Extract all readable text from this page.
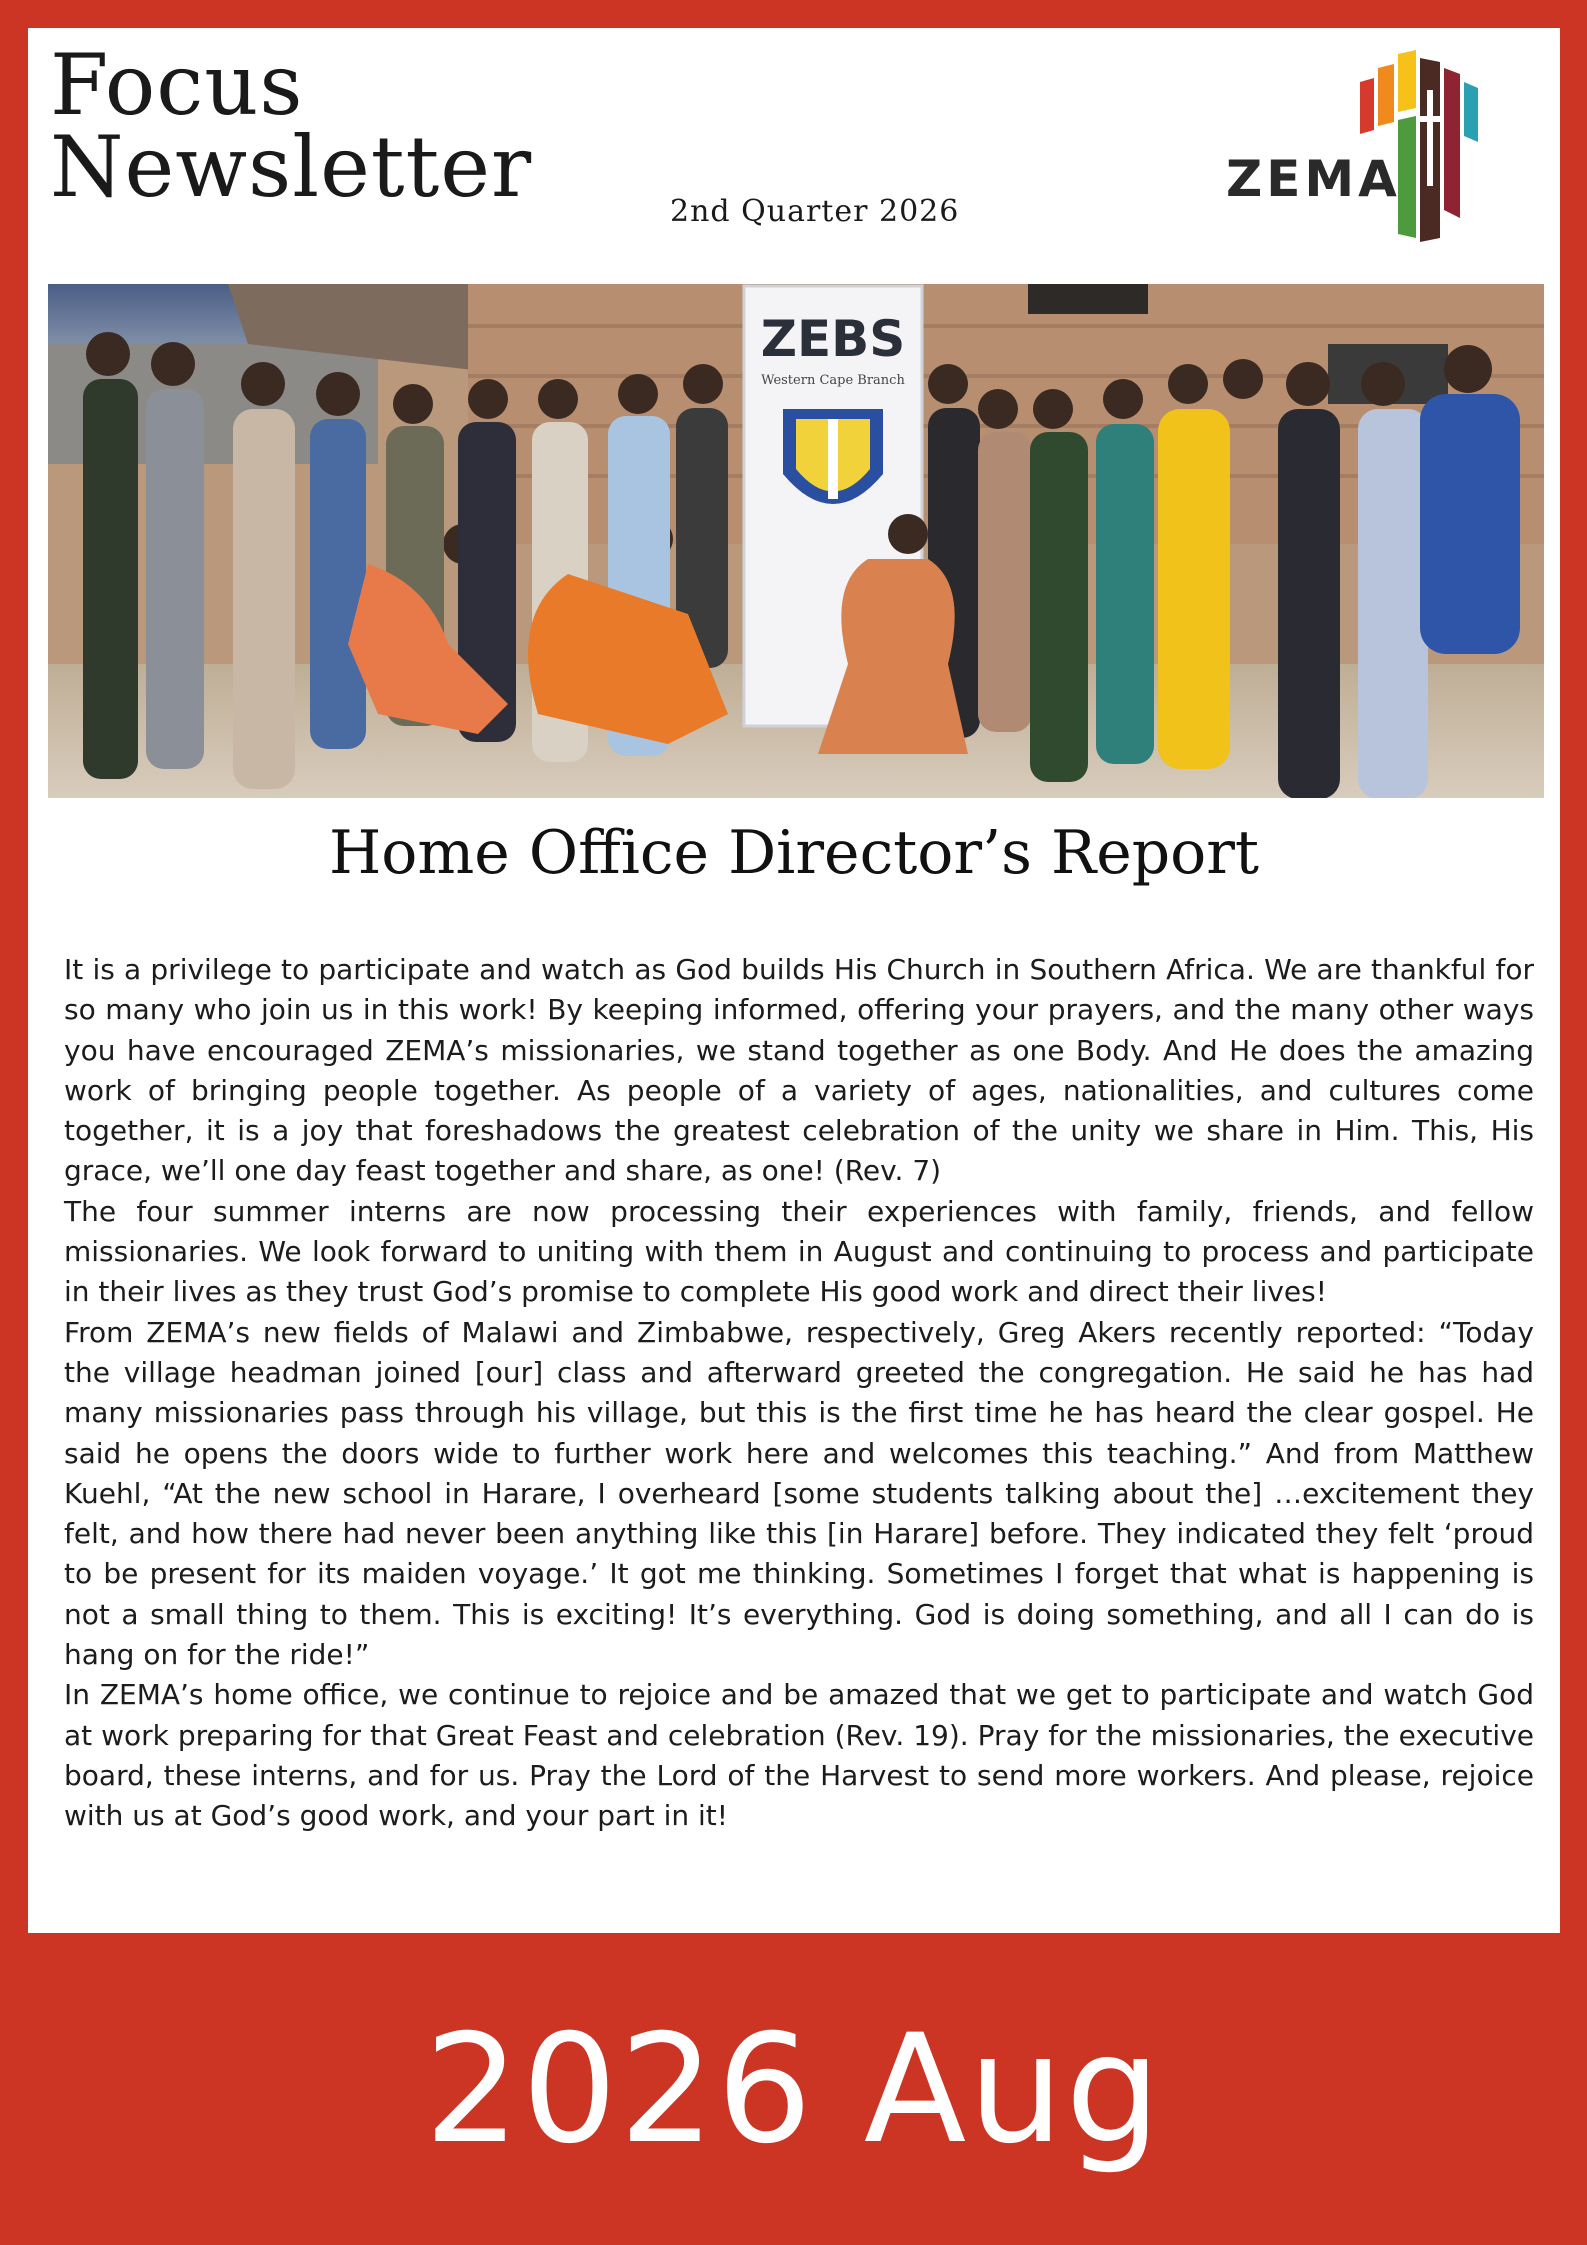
Focus
Newsletter	2nd Quarter 2026
ZEMA
ZEBS
Western Cape Branch
Home Office Director’s Report

It is a privilege to participate and watch as God builds His Church in Southern Africa. We are thankful for so many who join us in this work! By keeping informed, offering your prayers, and the many other ways you have encouraged ZEMA’s missionaries, we stand together as one Body. And He does the amazing work of bringing people together. As people of a variety of ages, nationalities, and cultures come together, it is a joy that foreshadows the greatest celebration of the unity we share in Him. This, His grace, we’ll one day feast together and share, as one! (Rev. 7)

The four summer interns are now processing their experiences with family, friends, and fellow missionaries. We look forward to uniting with them in August and continuing to process and participate in their lives as they trust God’s promise to complete His good work and direct their lives!

From ZEMA’s new fields of Malawi and Zimbabwe, respectively, Greg Akers recently reported: “Today the village headman joined [our] class and afterward greeted the congregation. He said he has had many missionaries pass through his village, but this is the first time he has heard the clear gospel. He said he opens the doors wide to further work here and welcomes this teaching.” And from Matthew Kuehl, “At the new school in Harare, I overheard [some students talking about the] …excitement they felt, and how there had never been anything like this [in Harare] before. They indicated they felt ‘proud to be present for its maiden voyage.’ It got me thinking. Sometimes I forget that what is happening is not a small thing to them. This is exciting! It’s everything. God is doing something, and all I can do is hang on for the ride!”

In ZEMA’s home office, we continue to rejoice and be amazed that we get to participate and watch God at work preparing for that Great Feast and celebration (Rev. 19). Pray for the missionaries, the executive board, these interns, and for us. Pray the Lord of the Harvest to send more workers. And please, rejoice with us at God’s good work, and your part in it!

2026 Aug
